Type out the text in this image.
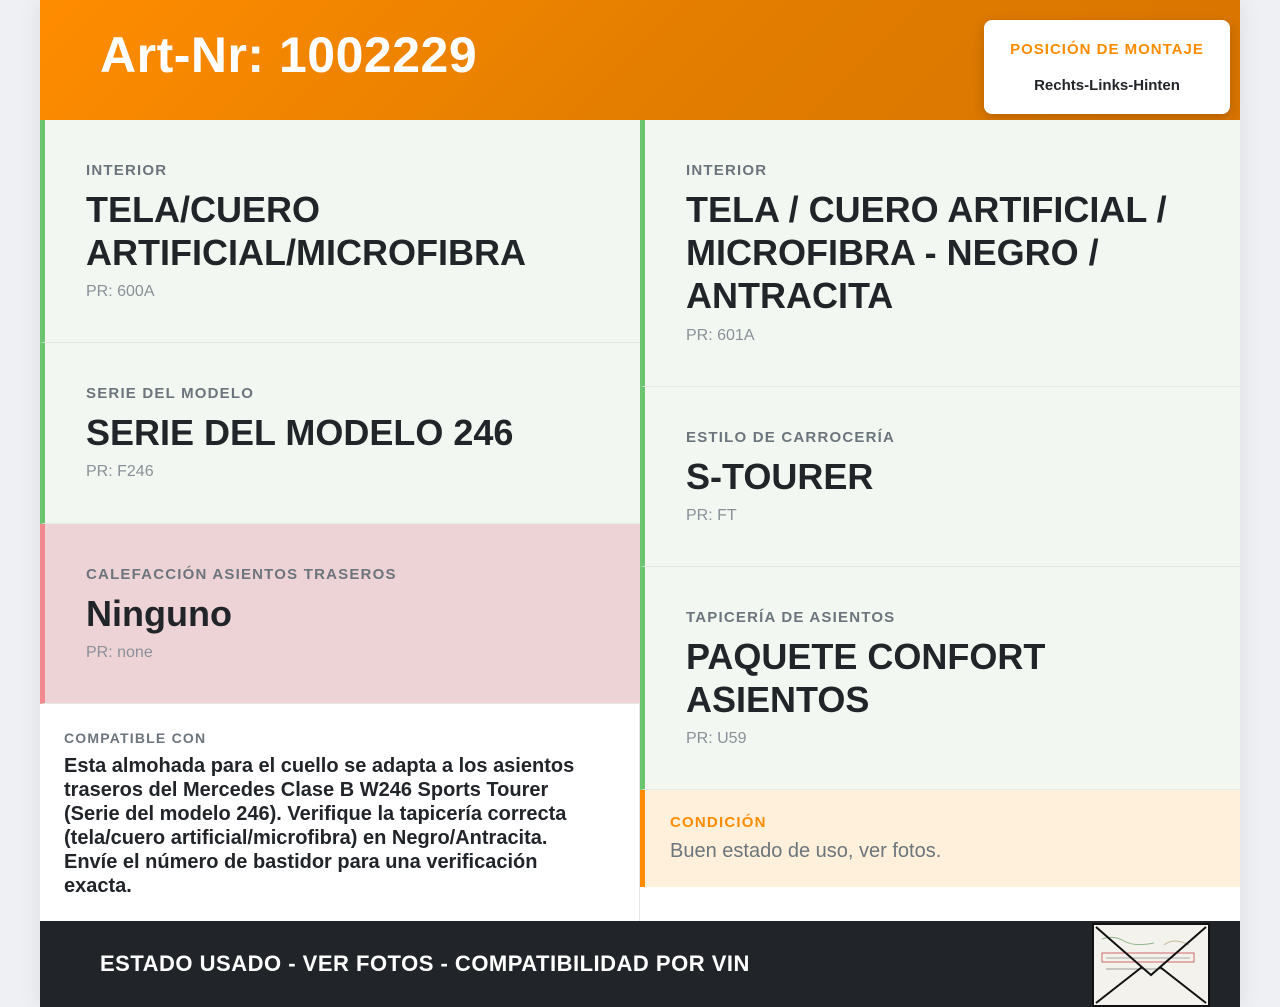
Art-Nr: 1002229	POSICIÓN DE MONTAJE
Rechts-Links-Hinten
INTERIOR
TELA/CUERO ARTIFICIAL/MICROFIBRA
PR: 600A
SERIE DEL MODELO
SERIE DEL MODELO 246
PR: F246
CALEFACCIÓN ASIENTOS TRASEROS
Ninguno
PR: none
COMPATIBLE CON
Esta almohada para el cuello se adapta a los asientos traseros del Mercedes Clase B W246 Sports Tourer (Serie del modelo 246). Verifique la tapicería correcta (tela/cuero artificial/microfibra) en Negro/Antracita. Envíe el número de bastidor para una verificación exacta.
INTERIOR
TELA / CUERO ARTIFICIAL / MICROFIBRA - NEGRO / ANTRACITA
PR: 601A
ESTILO DE CARROCERÍA
S-TOURER
PR: FT
TAPICERÍA DE ASIENTOS
PAQUETE CONFORT ASIENTOS
PR: U59
CONDICIÓN
Buen estado de uso, ver fotos.
ESTADO USADO - VER FOTOS - COMPATIBILIDAD POR VIN
